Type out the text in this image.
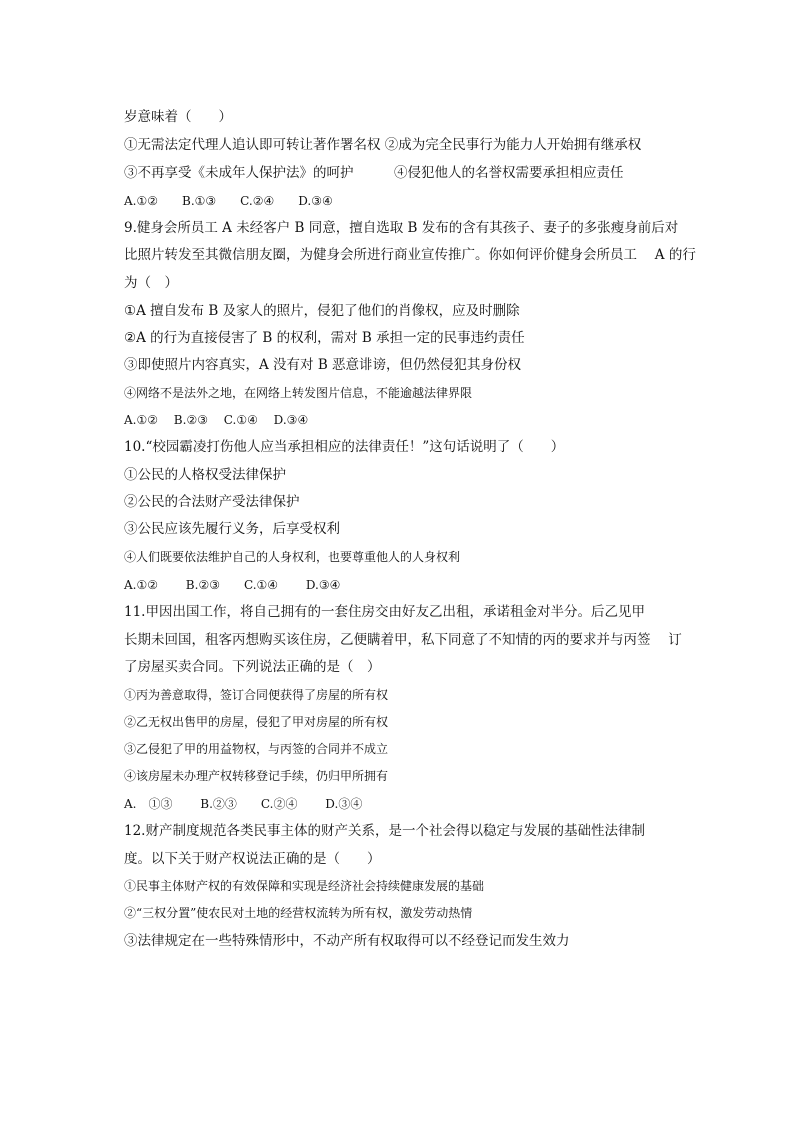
岁意味着（　　）
①无需法定代理人追认即可转让著作署名权 ②成为完全民事行为能力人开始拥有继承权
③不再享受《未成年人保护法》的呵护　　　④侵犯他人的名誉权需要承担相应责任
A.①②　　B.①③　　C.②④　　D.③④
9.健身会所员工 A 未经客户 B 同意，擅自选取 B 发布的含有其孩子、妻子的多张瘦身前后对
比照片转发至其微信朋友圈，为健身会所进行商业宣传推广。你如何评价健身会所员工　 A 的行
为（　）
①A 擅自发布 B 及家人的照片，侵犯了他们的肖像权，应及时删除
②A 的行为直接侵害了 B 的权利，需对 B 承担一定的民事违约责任
③即使照片内容真实，A 没有对 B 恶意诽谤，但仍然侵犯其身份权
④网络不是法外之地，在网络上转发图片信息，不能逾越法律界限
A.①②　 B.②③　 C.①④　 D.③④
10.“校园霸凌打伤他人应当承担相应的法律责任！”这句话说明了（　　）
①公民的人格权受法律保护
②公民的合法财产受法律保护
③公民应该先履行义务，后享受权利
④人们既要依法维护自己的人身权利，也要尊重他人的人身权利
A.①②　　 B.②③　　C.①④　　 D.③④
11.甲因出国工作，将自己拥有的一套住房交由好友乙出租，承诺租金对半分。后乙见甲
长期未回国，租客丙想购买该住房，乙便瞒着甲，私下同意了不知情的丙的要求并与丙签　 订
了房屋买卖合同。下列说法正确的是（　）
①丙为善意取得，签订合同便获得了房屋的所有权
②乙无权出售甲的房屋，侵犯了甲对房屋的所有权
③乙侵犯了甲的用益物权，与丙签的合同并不成立
④该房屋未办理产权转移登记手续，仍归甲所拥有
A.　①③　　 B.②③　　C.②④　　 D.③④
12.财产制度规范各类民事主体的财产关系，是一个社会得以稳定与发展的基础性法律制
度。以下关于财产权说法正确的是（　　）
①民事主体财产权的有效保障和实现是经济社会持续健康发展的基础
②“三权分置”使农民对土地的经营权流转为所有权，激发劳动热情
③法律规定在一些特殊情形中，不动产所有权取得可以不经登记而发生效力
